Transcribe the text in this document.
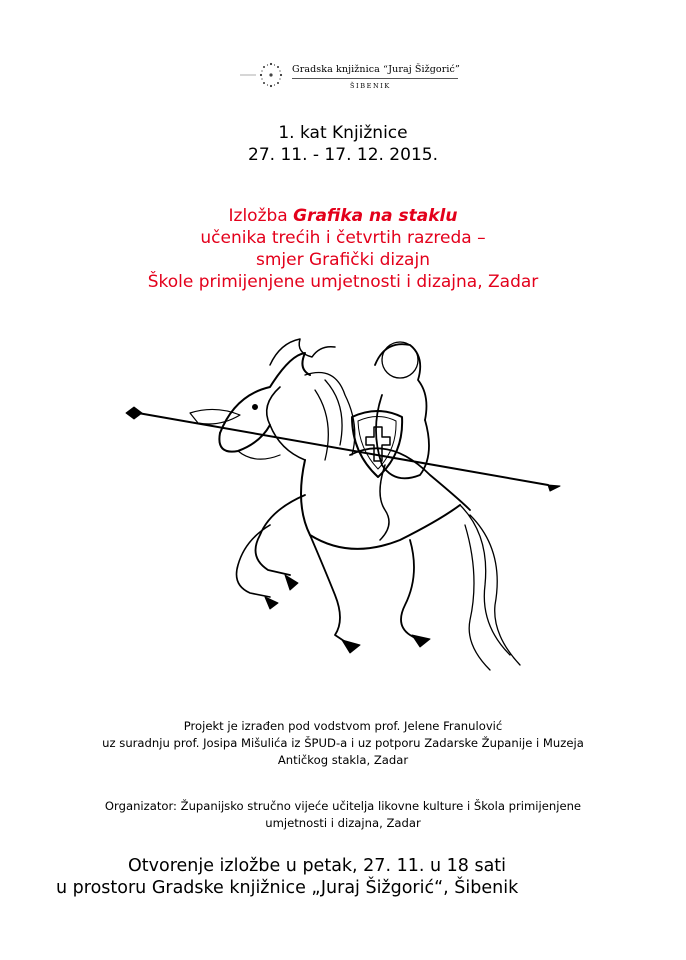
Gradska knjižnica “Juraj Šižgorić”
ŠIBENIK
1. kat Knjižnice
27. 11. - 17. 12. 2015.
Izložba Grafika na staklu
učenika trećih i četvrtih razreda –
smjer Grafički dizajn
Škole primijenjene umjetnosti i dizajna, Zadar
Projekt je izrađen pod vodstvom prof. Jelene Franulović
uz suradnju prof. Josipa Mišulića iz ŠPUD-a i uz potporu Zadarske Županije i Muzeja
Antičkog stakla, Zadar
Organizator: Županijsko stručno vijeće učitelja likovne kulture i Škola primijenjene
umjetnosti i dizajna, Zadar
Otvorenje izložbe u petak, 27. 11. u 18 sati
u prostoru Gradske knjižnice „Juraj Šižgorić“, Šibenik
